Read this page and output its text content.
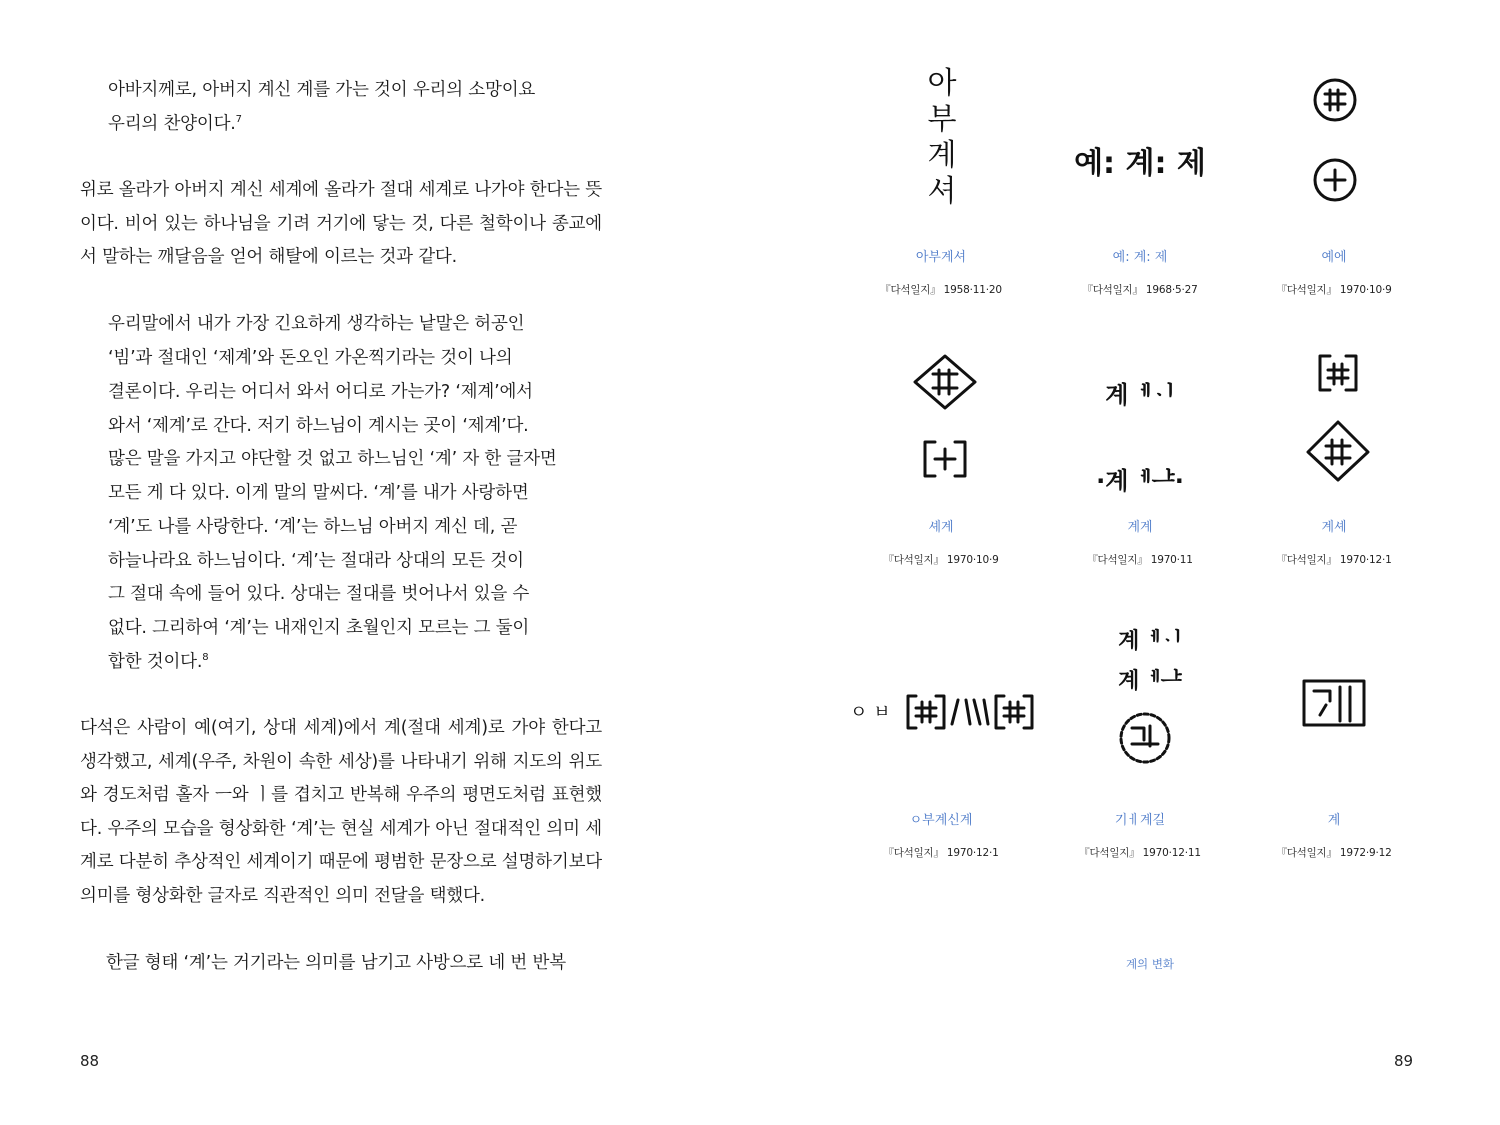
아바지께로, 아버지 계신 계를 가는 것이 우리의 소망이요

우리의 찬양이다.$^7$

위로 올라가 아버지 계신 세계에 올라가 절대 세계로 나가야 한다는 뜻이다. 비어 있는 하나님을 기려 거기에 닿는 것, 다른 철학이나 종교에서 말하는 깨달음을 얻어 해탈에 이르는 것과 같다.

우리말에서 내가 가장 긴요하게 생각하는 낱말은 허공인

‘빔’과 절대인 ‘제계’와 돈오인 가온찍기라는 것이 나의

결론이다. 우리는 어디서 와서 어디로 가는가? ‘제계’에서

와서 ‘제계’로 간다. 저기 하느님이 계시는 곳이 ‘제계’다.

많은 말을 가지고 야단할 것 없고 하느님인 ‘계’ 자 한 글자면

모든 게 다 있다. 이게 말의 말씨다. ‘계’를 내가 사랑하면

‘계’도 나를 사랑한다. ‘계’는 하느님 아버지 계신 데, 곧

하늘나라요 하느님이다. ‘계’는 절대라 상대의 모든 것이

그 절대 속에 들어 있다. 상대는 절대를 벗어나서 있을 수

없다. 그리하여 ‘계’는 내재인지 초월인지 모르는 그 둘이

합한 것이다.$^8$

다석은 사람이 예(여기, 상대 세계)에서 계(절대 세계)로 가야 한다고 생각했고, 세계(우주, 차원이 속한 세상)를 나타내기 위해 지도의 위도와 경도처럼 홀자 ㅡ와 ㅣ를 겹치고 반복해 우주의 평면도처럼 표현했다. 우주의 모습을 형상화한 ‘계’는 현실 세계가 아닌 절대적인 의미 세계로 다분히 추상적인 세계이기 때문에 평범한 문장으로 설명하기보다 의미를 형상화한 글자로 직관적인 의미 전달을 택했다.

한글 형태 ‘계’는 거기라는 의미를 남기고 사방으로 네 번 반복

88
아
부
계
셔
예: 계: 제
아부계셔
『다석일지』 1958·11·20
예: 계: 제
『다석일지』 1968·5·27
예에
『다석일지』 1970·10·9
계ᅦᆡ
·계ᅦᆣ·
셰계
『다석일지』 1970·10·9
계계
『다석일지』 1970·11
계셰
『다석일지』 1970·12·1
ㅇ ㅂ
계ᅦᆡ
계ᅦᆣ
ㅇ부계신계
『다석일지』 1970·12·1
기ㅔ계길
『다석일지』 1970·12·11
계
『다석일지』 1972·9·12
계의 변화
89
